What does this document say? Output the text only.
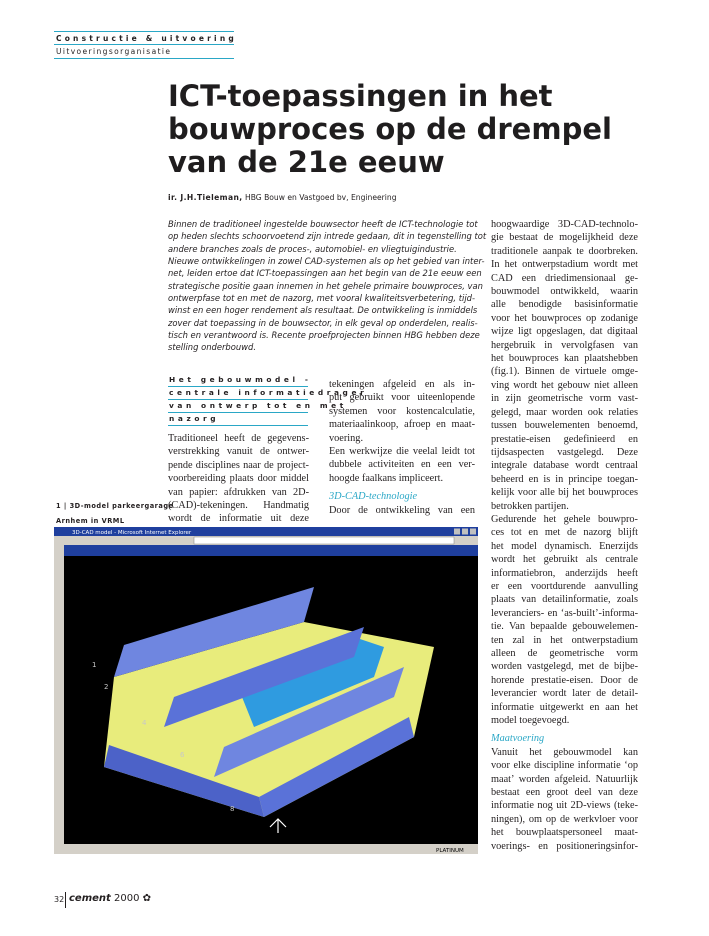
Constructie & uitvoering
Uitvoeringsorganisatie
ICT-toepassingen in het
bouwproces op de drempel
van de 21e eeuw
ir. J.H.Tieleman, HBG Bouw en Vastgoed bv, Engineering
Binnen de traditioneel ingestelde bouwsector heeft de ICT-technologie tot
op heden slechts schoorvoetend zijn intrede gedaan, dit in tegenstelling tot
andere branches zoals de proces-, automobiel- en vliegtuigindustrie.
Nieuwe ontwikkelingen in zowel CAD-systemen als op het gebied van inter-
net, leiden ertoe dat ICT-toepassingen aan het begin van de 21e eeuw een
strategische positie gaan innemen in het gehele primaire bouwproces, van
ontwerpfase tot en met de nazorg, met vooral kwaliteitsverbetering, tijd-
winst en een hoger rendement als resultaat. De ontwikkeling is inmiddels
zover dat toepassing in de bouwsector, in elk geval op onderdelen, realis-
tisch en verantwoord is. Recente proefprojecten binnen HBG hebben deze
stelling onderbouwd.
Het gebouwmodel -
centrale informatiedrager
van ontwerp tot en met
nazorg
Traditioneel heeft de gegevens-
verstrekking vanuit de ontwer-
pende disciplines naar de project-
voorbereiding plaats door middel
van papier: afdrukken van 2D-
(CAD)-tekeningen. Handmatig
wordt de informatie uit deze
tekeningen afgeleid en als in-
put gebruikt voor uiteenlopende
systemen voor kostencalculatie,
materiaalinkoop, afroep en maat-
voering.
Een werkwijze die veelal leidt tot
dubbele activiteiten en een ver-
hoogde faalkans impliceert.
3D-CAD-technologie
Door de ontwikkeling van een
hoogwaardige 3D-CAD-technolo-
gie bestaat de mogelijkheid deze
traditionele aanpak te doorbreken.
In het ontwerpstadium wordt met
CAD een driedimensionaal ge-
bouwmodel ontwikkeld, waarin
alle benodigde basisinformatie
voor het bouwproces op zodanige
wijze ligt opgeslagen, dat digitaal
hergebruik in vervolgfasen van
het bouwproces kan plaatshebben
(fig.1). Binnen de virtuele omge-
ving wordt het gebouw niet alleen
in zijn geometrische vorm vast-
gelegd, maar worden ook relaties
tussen bouwelementen benoemd,
prestatie-eisen gedefinieerd en
tijdsaspecten vastgelegd. Deze
integrale database wordt centraal
beheerd en is in principe toegan-
kelijk voor alle bij het bouwproces
betrokken partijen.
Gedurende het gehele bouwpro-
ces tot en met de nazorg blijft
het model dynamisch. Enerzijds
wordt het gebruikt als centrale
informatiebron, anderzijds heeft
er een voortdurende aanvulling
plaats van detailinformatie, zoals
leveranciers- en ‘as-built’-informa-
tie. Van bepaalde gebouwelemen-
ten zal in het ontwerpstadium
alleen de geometrische vorm
worden vastgelegd, met de bijbe-
horende prestatie-eisen. Door de
leverancier wordt later de detail-
informatie uitgewerkt en aan het
model toegevoegd.
Maatvoering
Vanuit het gebouwmodel kan
voor elke discipline informatie ‘op
maat’ worden afgeleid. Natuurlijk
bestaat een groot deel van deze
informatie nog uit 2D-views (teke-
ningen), om op de werkvloer voor
het bouwplaatspersoneel maat-
voerings- en positioneringsinfor-
1 | 3D-model parkeergarage
Arnhem in VRML
3D-CAD model - Microsoft Internet Explorer
1
2
4
6
8
PLATINUM
32 cement 2000 ✿
